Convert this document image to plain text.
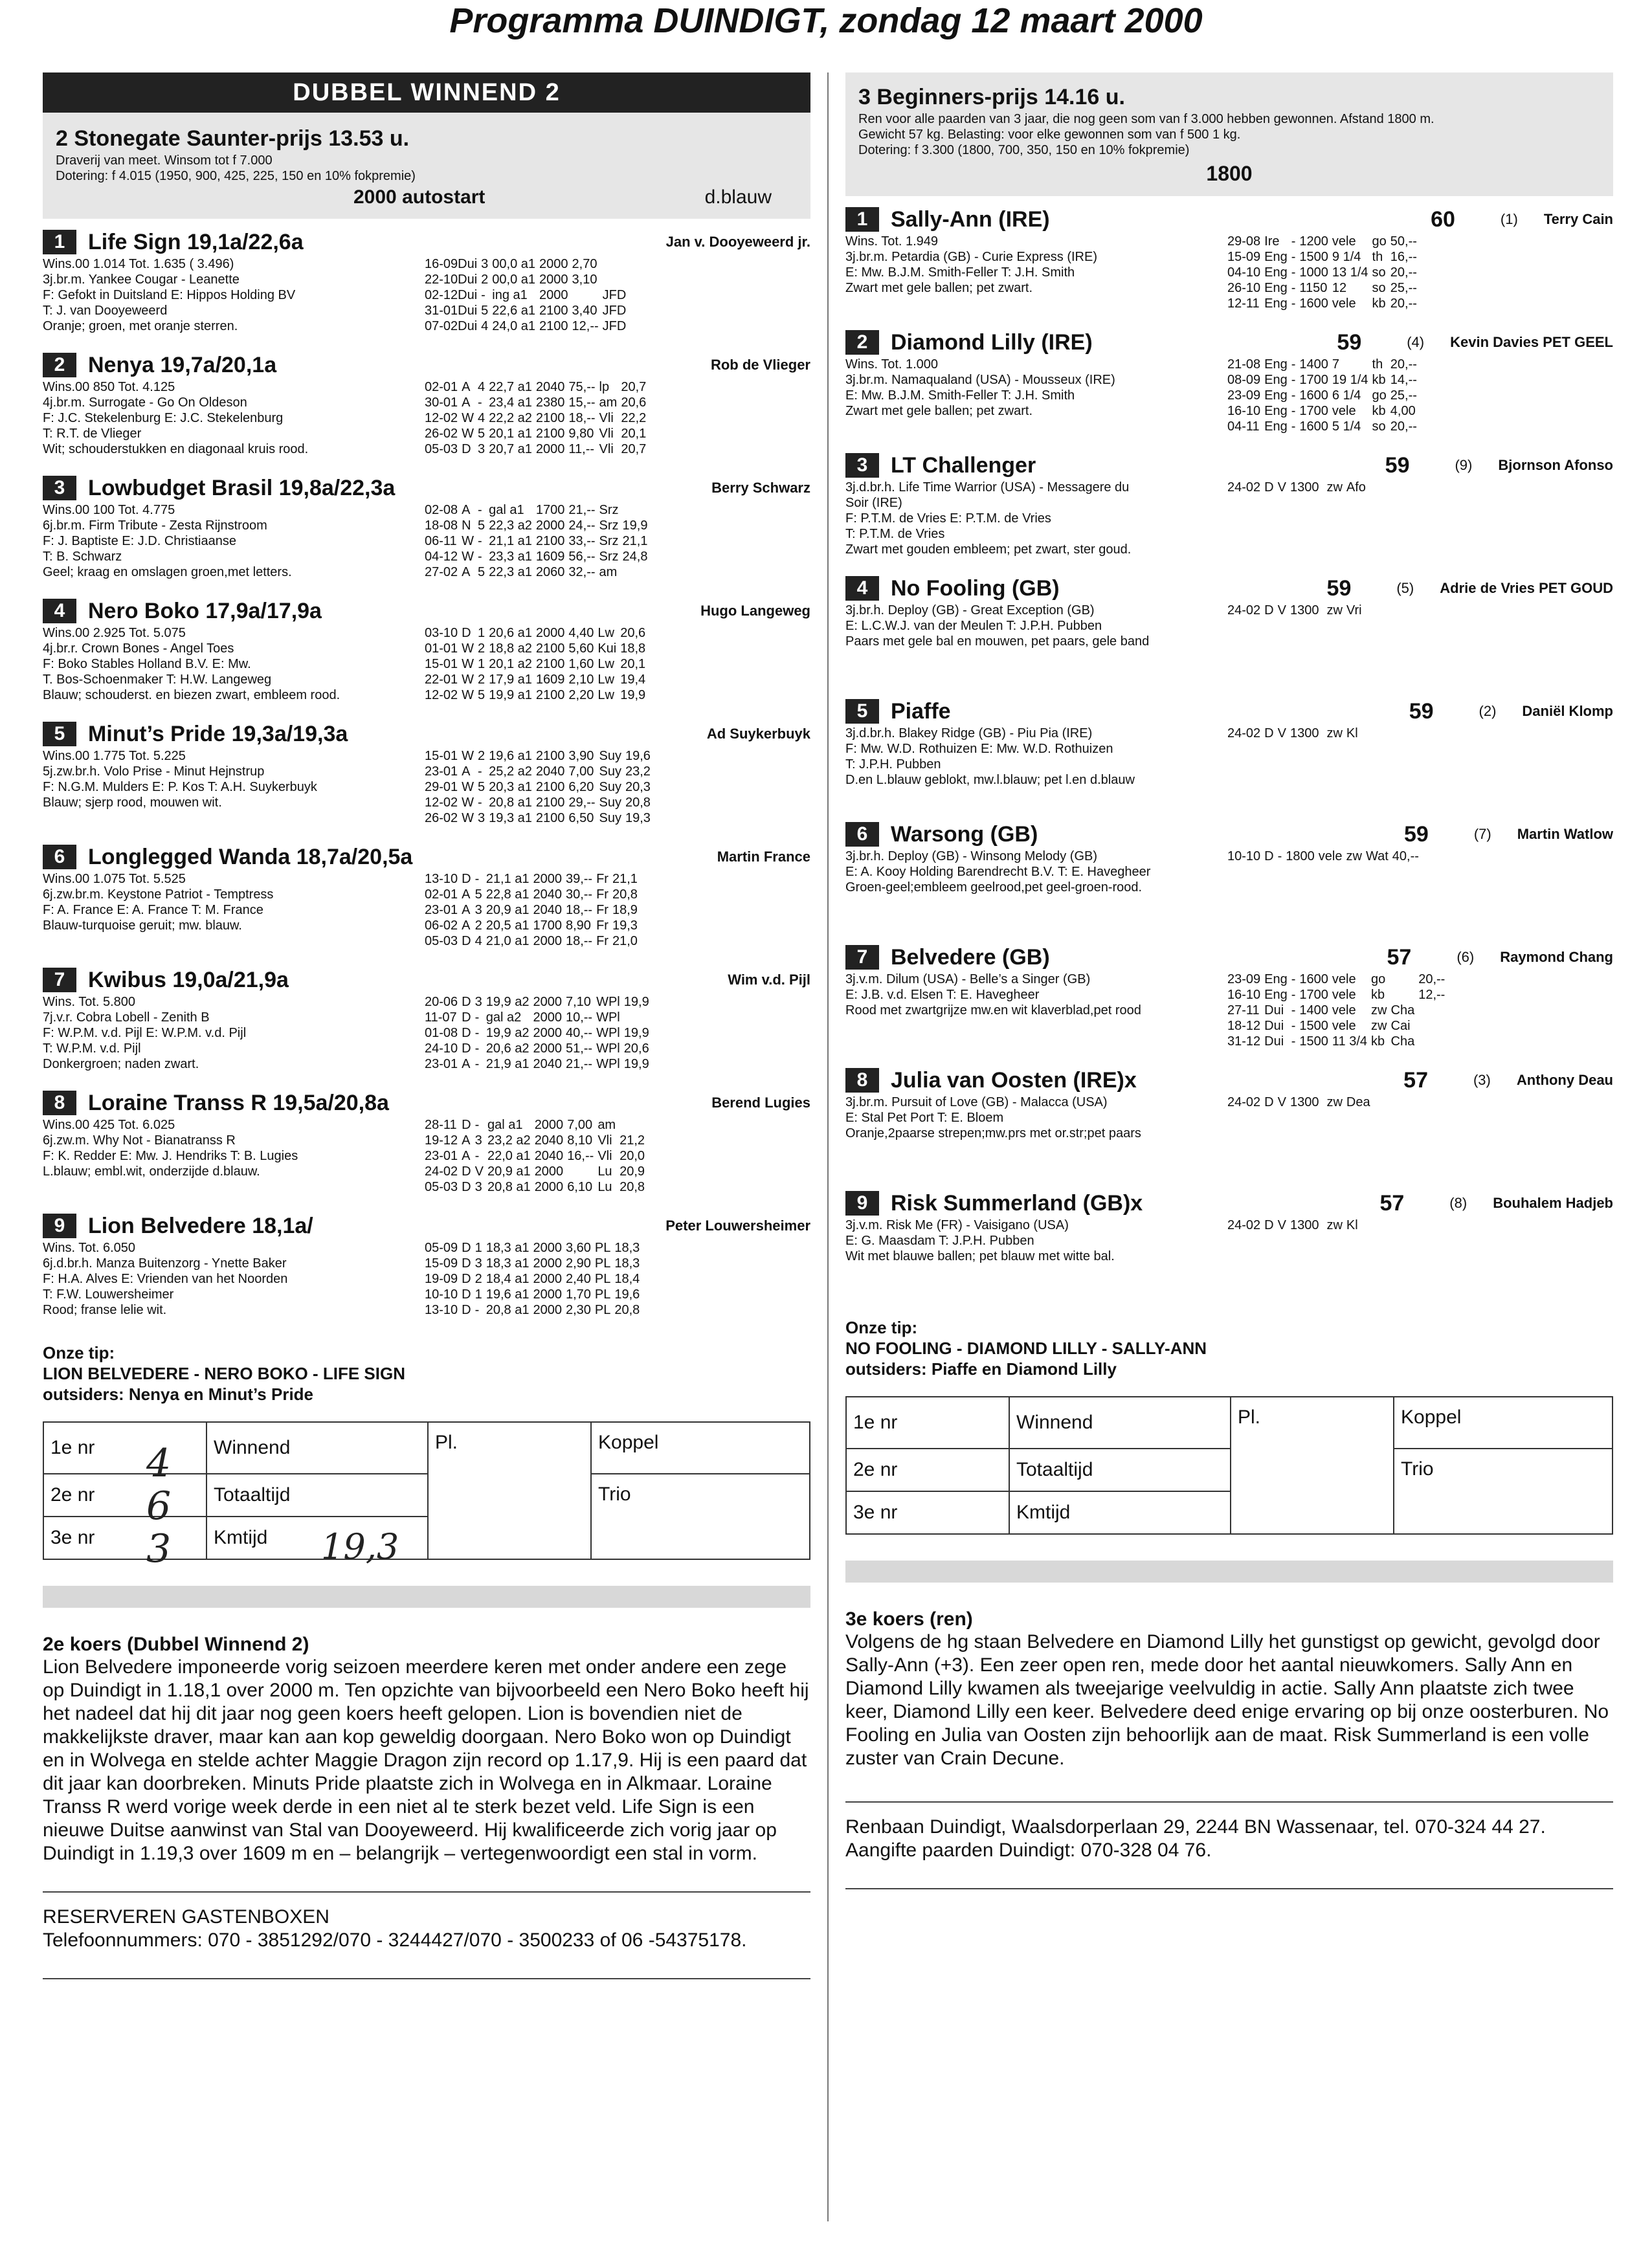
Programma DUINDIGT, zondag 12 maart 2000
DUBBEL WINNEND 2
2 Stonegate Saunter-prijs 13.53 u.
Draverij van meet. Winsom tot f 7.000
Dotering: f 4.015 (1950, 900, 425, 225, 150 en 10% fokpremie)
2000 autostart	d.blauw
1	Life Sign 19,1a/22,6a	Jan v. Dooyeweerd jr.
Wins.00 1.014 Tot. 1.635 ( 3.496)
3j.br.m. Yankee Cougar - Leanette
F: Gefokt in Duitsland E: Hippos Holding BV
T: J. van Dooyeweerd
Oranje; groen, met oranje sterren.
16-09Dui	3	00,0 a1	2000	2,70	
22-10Dui	2	00,0 a1	2000	3,10	
02-12Dui	-	ing a1	2000		JFD
31-01Dui	5	22,6 a1	2100	3,40	JFD
07-02Dui	4	24,0 a1	2100	12,--	JFD
2	Nenya 19,7a/20,1a	Rob de Vlieger
Wins.00 850 Tot. 4.125
4j.br.m. Surrogate - Go On Oldeson
F: J.C. Stekelenburg E: J.C. Stekelenburg
T: R.T. de Vlieger
Wit; schouderstukken en diagonaal kruis rood.
02-01	A	4	22,7 a1	2040	75,--	lp	20,7
30-01	A	-	23,4 a1	2380	15,--	am	20,6
12-02	W	4	22,2 a2	2100	18,--	Vli	22,2
26-02	W	5	20,1 a1	2100	9,80	Vli	20,1
05-03	D	3	20,7 a1	2000	11,--	Vli	20,7
3	Lowbudget Brasil 19,8a/22,3a	Berry Schwarz
Wins.00 100 Tot. 4.775
6j.br.m. Firm Tribute - Zesta Rijnstroom
F: J. Baptiste E: J.D. Christiaanse
T: B. Schwarz
Geel; kraag en omslagen groen,met letters.
02-08	A	-	gal a1	1700	21,--	Srz	
18-08	N	5	22,3 a2	2000	24,--	Srz	19,9
06-11	W	-	21,1 a1	2100	33,--	Srz	21,1
04-12	W	-	23,3 a1	1609	56,--	Srz	24,8
27-02	A	5	22,3 a1	2060	32,--	am	
4	Nero Boko 17,9a/17,9a	Hugo Langeweg
Wins.00 2.925 Tot. 5.075
4j.br.r. Crown Bones - Angel Toes
F: Boko Stables Holland B.V. E: Mw.
T. Bos-Schoenmaker T: H.W. Langeweg
Blauw; schouderst. en biezen zwart, embleem rood.
03-10	D	1	20,6 a1	2000	4,40	Lw	20,6
01-01	W	2	18,8 a2	2100	5,60	Kui	18,8
15-01	W	1	20,1 a2	2100	1,60	Lw	20,1
22-01	W	2	17,9 a1	1609	2,10	Lw	19,4
12-02	W	5	19,9 a1	2100	2,20	Lw	19,9
5	Minut’s Pride 19,3a/19,3a	Ad Suykerbuyk
Wins.00 1.775 Tot. 5.225
5j.zw.br.h. Volo Prise - Minut Hejnstrup
F: N.G.M. Mulders E: P. Kos T: A.H. Suykerbuyk
Blauw; sjerp rood, mouwen wit.
15-01	W	2	19,6 a1	2100	3,90	Suy	19,6
23-01	A	-	25,2 a2	2040	7,00	Suy	23,2
29-01	W	5	20,3 a1	2100	6,20	Suy	20,3
12-02	W	-	20,8 a1	2100	29,--	Suy	20,8
26-02	W	3	19,3 a1	2100	6,50	Suy	19,3
6	Longlegged Wanda 18,7a/20,5a	Martin France
Wins.00 1.075 Tot. 5.525
6j.zw.br.m. Keystone Patriot - Temptress
F: A. France E: A. France T: M. France
Blauw-turquoise geruit; mw. blauw.
13-10	D	-	21,1 a1	2000	39,--	Fr	21,1
02-01	A	5	22,8 a1	2040	30,--	Fr	20,8
23-01	A	3	20,9 a1	2040	18,--	Fr	18,9
06-02	A	2	20,5 a1	1700	8,90	Fr	19,3
05-03	D	4	21,0 a1	2000	18,--	Fr	21,0
7	Kwibus 19,0a/21,9a	Wim v.d. Pijl
Wins. Tot. 5.800
7j.v.r. Cobra Lobell - Zenith B
F: W.P.M. v.d. Pijl E: W.P.M. v.d. Pijl
T: W.P.M. v.d. Pijl
Donkergroen; naden zwart.
20-06	D	3	19,9 a2	2000	7,10	WPl	19,9
11-07	D	-	gal a2	2000	10,--	WPl	
01-08	D	-	19,9 a2	2000	40,--	WPl	19,9
24-10	D	-	20,6 a2	2000	51,--	WPl	20,6
23-01	A	-	21,9 a1	2040	21,--	WPl	19,9
8	Loraine Transs R 19,5a/20,8a	Berend Lugies
Wins.00 425 Tot. 6.025
6j.zw.m. Why Not - Bianatranss R
F: K. Redder E: Mw. J. Hendriks T: B. Lugies
L.blauw; embl.wit, onderzijde d.blauw.
28-11	D	-	gal a1	2000	7,00	am	
19-12	A	3	23,2 a2	2040	8,10	Vli	21,2
23-01	A	-	22,0 a1	2040	16,--	Vli	20,0
24-02	D	V	20,9 a1	2000		Lu	20,9
05-03	D	3	20,8 a1	2000	6,10	Lu	20,8
9	Lion Belvedere 18,1a/	Peter Louwersheimer
Wins. Tot. 6.050
6j.d.br.h. Manza Buitenzorg - Ynette Baker
F: H.A. Alves E: Vrienden van het Noorden
T: F.W. Louwersheimer
Rood; franse lelie wit.
05-09	D	1	18,3 a1	2000	3,60	PL	18,3
15-09	D	3	18,3 a1	2000	2,90	PL	18,3
19-09	D	2	18,4 a1	2000	2,40	PL	18,4
10-10	D	1	19,6 a1	2000	1,70	PL	19,6
13-10	D	-	20,8 a1	2000	2,30	PL	20,8
Onze tip:
LION BELVEDERE - NERO BOKO - LIFE SIGN
outsiders: Nenya en Minut’s Pride
1e nr	Winnend	Pl.	Koppel
2e nr	Totaaltijd		Trio
3e nr	Kmtijd		
4
6
3	19,3
2e koers (Dubbel Winnend 2)
Lion Belvedere imponeerde vorig seizoen meerdere keren met onder andere een zege op Duindigt in 1.18,1 over 2000 m. Ten opzichte van bijvoorbeeld een Nero Boko heeft hij het nadeel dat hij dit jaar nog geen koers heeft gelopen. Lion is bovendien niet de makkelijkste draver, maar kan aan kop geweldig doorgaan. Nero Boko won op Duindigt en in Wolvega en stelde achter Maggie Dragon zijn record op 1.17,9. Hij is een paard dat dit jaar kan doorbreken. Minuts Pride plaatste zich in Wolvega en in Alkmaar. Loraine Transs R werd vorige week derde in een niet al te sterk bezet veld. Life Sign is een nieuwe Duitse aanwinst van Stal van Dooyeweerd. Hij kwalificeerde zich vorig jaar op Duindigt in 1.19,3 over 1609 m en – belangrijk – vertegenwoordigt een stal in vorm.
RESERVEREN GASTENBOXEN
Telefoonnummers: 070 - 3851292/070 - 3244427/070 - 3500233 of 06 -54375178.
3 Beginners-prijs 14.16 u.
Ren voor alle paarden van 3 jaar, die nog geen som van f 3.000 hebben gewonnen. Afstand 1800 m.
Gewicht 57 kg. Belasting: voor elke gewonnen som van f 500 1 kg.
Dotering: f 3.300 (1800, 700, 350, 150 en 10% fokpremie)
1800
1	Sally-Ann (IRE)	60	(1) Terry Cain
Wins. Tot. 1.949
3j.br.m. Petardia (GB) - Curie Express (IRE)
E: Mw. B.J.M. Smith-Feller T: J.H. Smith
Zwart met gele ballen; pet zwart.
29-08	Ire	-	1200	vele	go	50,--
15-09	Eng	-	1500	9 1/4	th	16,--
04-10	Eng	-	1000	13 1/4	so	20,--
26-10	Eng	-	1150	12	so	25,--
12-11	Eng	-	1600	vele	kb	20,--
2	Diamond Lilly (IRE)	59	(4) Kevin Davies PET GEEL
Wins. Tot. 1.000
3j.br.m. Namaqualand (USA) - Mousseux (IRE)
E: Mw. B.J.M. Smith-Feller T: J.H. Smith
Zwart met gele ballen; pet zwart.
21-08	Eng	-	1400	7	th	20,--
08-09	Eng	-	1700	19 1/4	kb	14,--
23-09	Eng	-	1600	6 1/4	go	25,--
16-10	Eng	-	1700	vele	kb	4,00
04-11	Eng	-	1600	5 1/4	so	20,--
3	LT Challenger	59	(9) Bjornson Afonso
3j.d.br.h. Life Time Warrior (USA) - Messagere du
Soir (IRE)
F: P.T.M. de Vries E: P.T.M. de Vries
T: P.T.M. de Vries
Zwart met gouden embleem; pet zwart, ster goud.
24-02	D	V	1300		zw	Afo
4	No Fooling (GB)	59	(5) Adrie de Vries PET GOUD
3j.br.h. Deploy (GB) - Great Exception (GB)
E: L.C.W.J. van der Meulen T: J.P.H. Pubben
Paars met gele bal en mouwen, pet paars, gele band
24-02	D	V	1300		zw	Vri
5	Piaffe	59	(2) Daniël Klomp
3j.d.br.h. Blakey Ridge (GB) - Piu Pia (IRE)
F: Mw. W.D. Rothuizen E: Mw. W.D. Rothuizen
T: J.P.H. Pubben
D.en L.blauw geblokt, mw.l.blauw; pet l.en d.blauw
24-02	D	V	1300		zw	Kl
6	Warsong (GB)	59	(7) Martin Watlow
3j.br.h. Deploy (GB) - Winsong Melody (GB)
E: A. Kooy Holding Barendrecht B.V. T: E. Havegheer
Groen-geel;embleem geelrood,pet geel-groen-rood.
10-10	D	-	1800	vele	zw	Wat	40,--
7	Belvedere (GB)	57	(6) Raymond Chang
3j.v.m. Dilum (USA) - Belle’s a Singer (GB)
E: J.B. v.d. Elsen T: E. Havegheer
Rood met zwartgrijze mw.en wit klaverblad,pet rood
23-09	Eng	-	1600	vele	go		20,--
16-10	Eng	-	1700	vele	kb		12,--
27-11	Dui	-	1400	vele	zw	Cha	
18-12	Dui	-	1500	vele	zw	Cai	
31-12	Dui	-	1500	11 3/4	kb	Cha	
8	Julia van Oosten (IRE)x	57	(3) Anthony Deau
3j.br.m. Pursuit of Love (GB) - Malacca (USA)
E: Stal Pet Port T: E. Bloem
Oranje,2paarse strepen;mw.prs met or.str;pet paars
24-02	D	V	1300		zw	Dea
9	Risk Summerland (GB)x	57	(8) Bouhalem Hadjeb
3j.v.m. Risk Me (FR) - Vaisigano (USA)
E: G. Maasdam T: J.P.H. Pubben
Wit met blauwe ballen; pet blauw met witte bal.
24-02	D	V	1300		zw	Kl
Onze tip:
NO FOOLING - DIAMOND LILLY - SALLY-ANN
outsiders: Piaffe en Diamond Lilly
1e nr	Winnend	Pl.	Koppel
2e nr	Totaaltijd		Trio
3e nr	Kmtijd		
3e koers (ren)
Volgens de hg staan Belvedere en Diamond Lilly het gunstigst op gewicht, gevolgd door Sally-Ann (+3). Een zeer open ren, mede door het aantal nieuwkomers. Sally Ann en Diamond Lilly kwamen als tweejarige veelvuldig in actie. Sally Ann plaatste zich twee keer, Diamond Lilly een keer. Belvedere deed enige ervaring op bij onze oosterburen. No Fooling en Julia van Oosten zijn behoorlijk aan de maat. Risk Summerland is een volle zuster van Crain Decune.
Renbaan Duindigt, Waalsdorperlaan 29, 2244 BN Wassenaar, tel. 070-324 44 27.
Aangifte paarden Duindigt: 070-328 04 76.
